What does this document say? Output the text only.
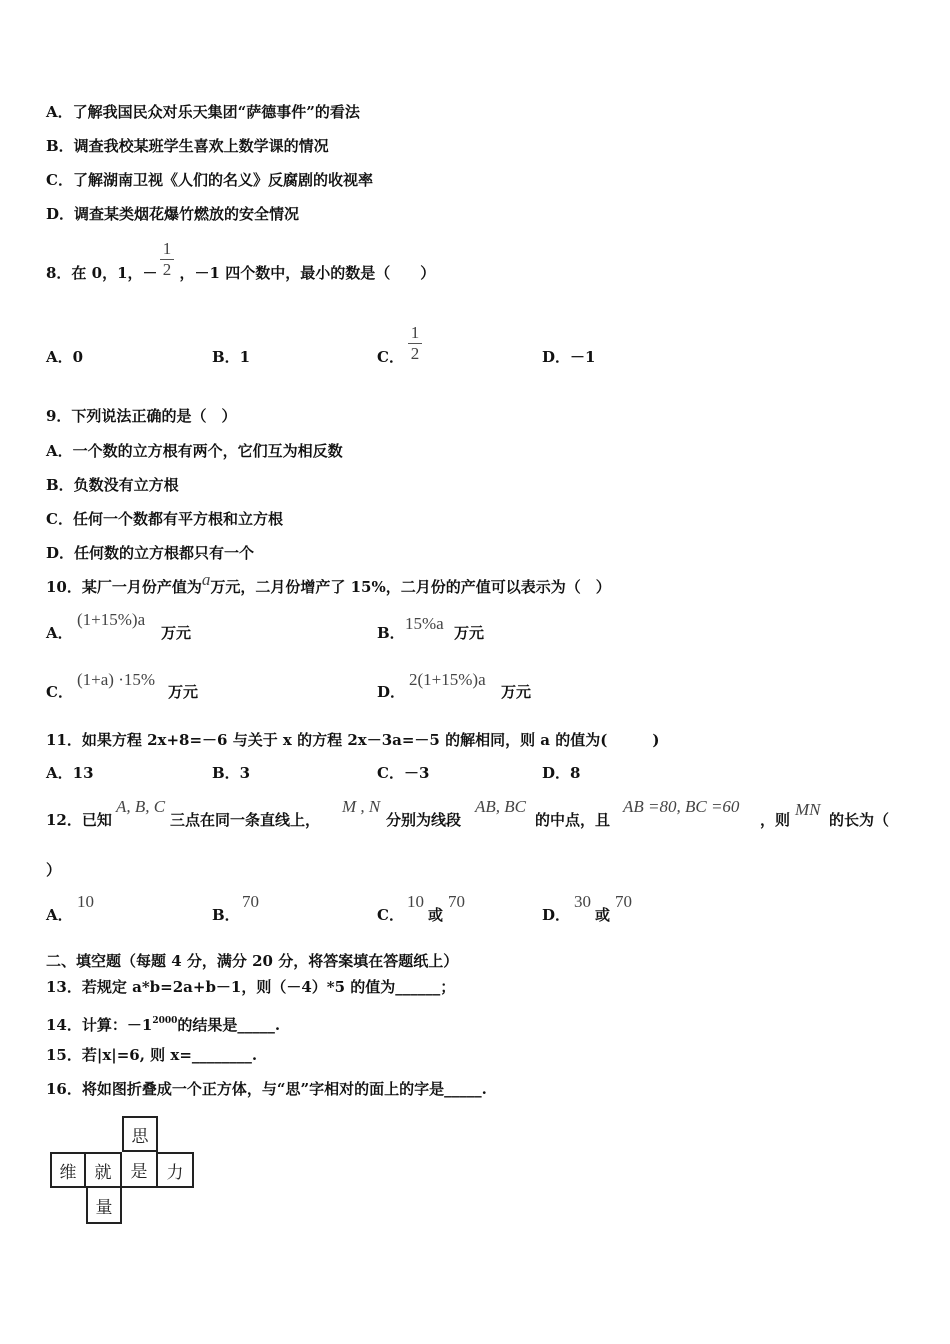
A．了解我国民众对乐天集团“萨德事件”的看法
B．调查我校某班学生喜欢上数学课的情况
C．了解湖南卫视《人们的名义》反腐剧的收视率
D．调查某类烟花爆竹燃放的安全情况
8．在 0，1，－ ，－1 四个数中，最小的数是（　　）
1
2
A．0	B．1	C．
1
2	D．－1
9．下列说法正确的是（　）
A．一个数的立方根有两个，它们互为相反数
B．负数没有立方根
C．任何一个数都有平方根和立方根
D．任何数的立方根都只有一个
10．某厂一月份产值为a万元，二月份增产了 15%，二月份的产值可以表示为（　）
A．
(1+15%)a
万元	B． 15%a 万元
C．
(1+a) ·15%
万元	D．
2(1+15%)a
万元
11．如果方程 2x+8=－6 与关于 x 的方程 2x－3a=－5 的解相同，则 a 的值为(　　　)
A．13	B．3	C．－3	D．8
12．已知
A, B, C
三点在同一条直线上，
M , N
分别为线段
AB, BC
的中点，且
AB =80, BC =60
，则
MN
的长为（
）
A．
10
B．
70
C．
10
或
70
D．
30
或
70
二、填空题（每题 4 分，满分 20 分，将答案填在答题纸上）
13．若规定 a*b=2a+b－1，则（－4）*5 的值为______；
14．计算：$-1^{2000}$的结果是_____.
15．若|x|=6, 则 x=________.
16．将如图折叠成一个正方体，与“思”字相对的面上的字是_____.
思
维	就	是	力
量
